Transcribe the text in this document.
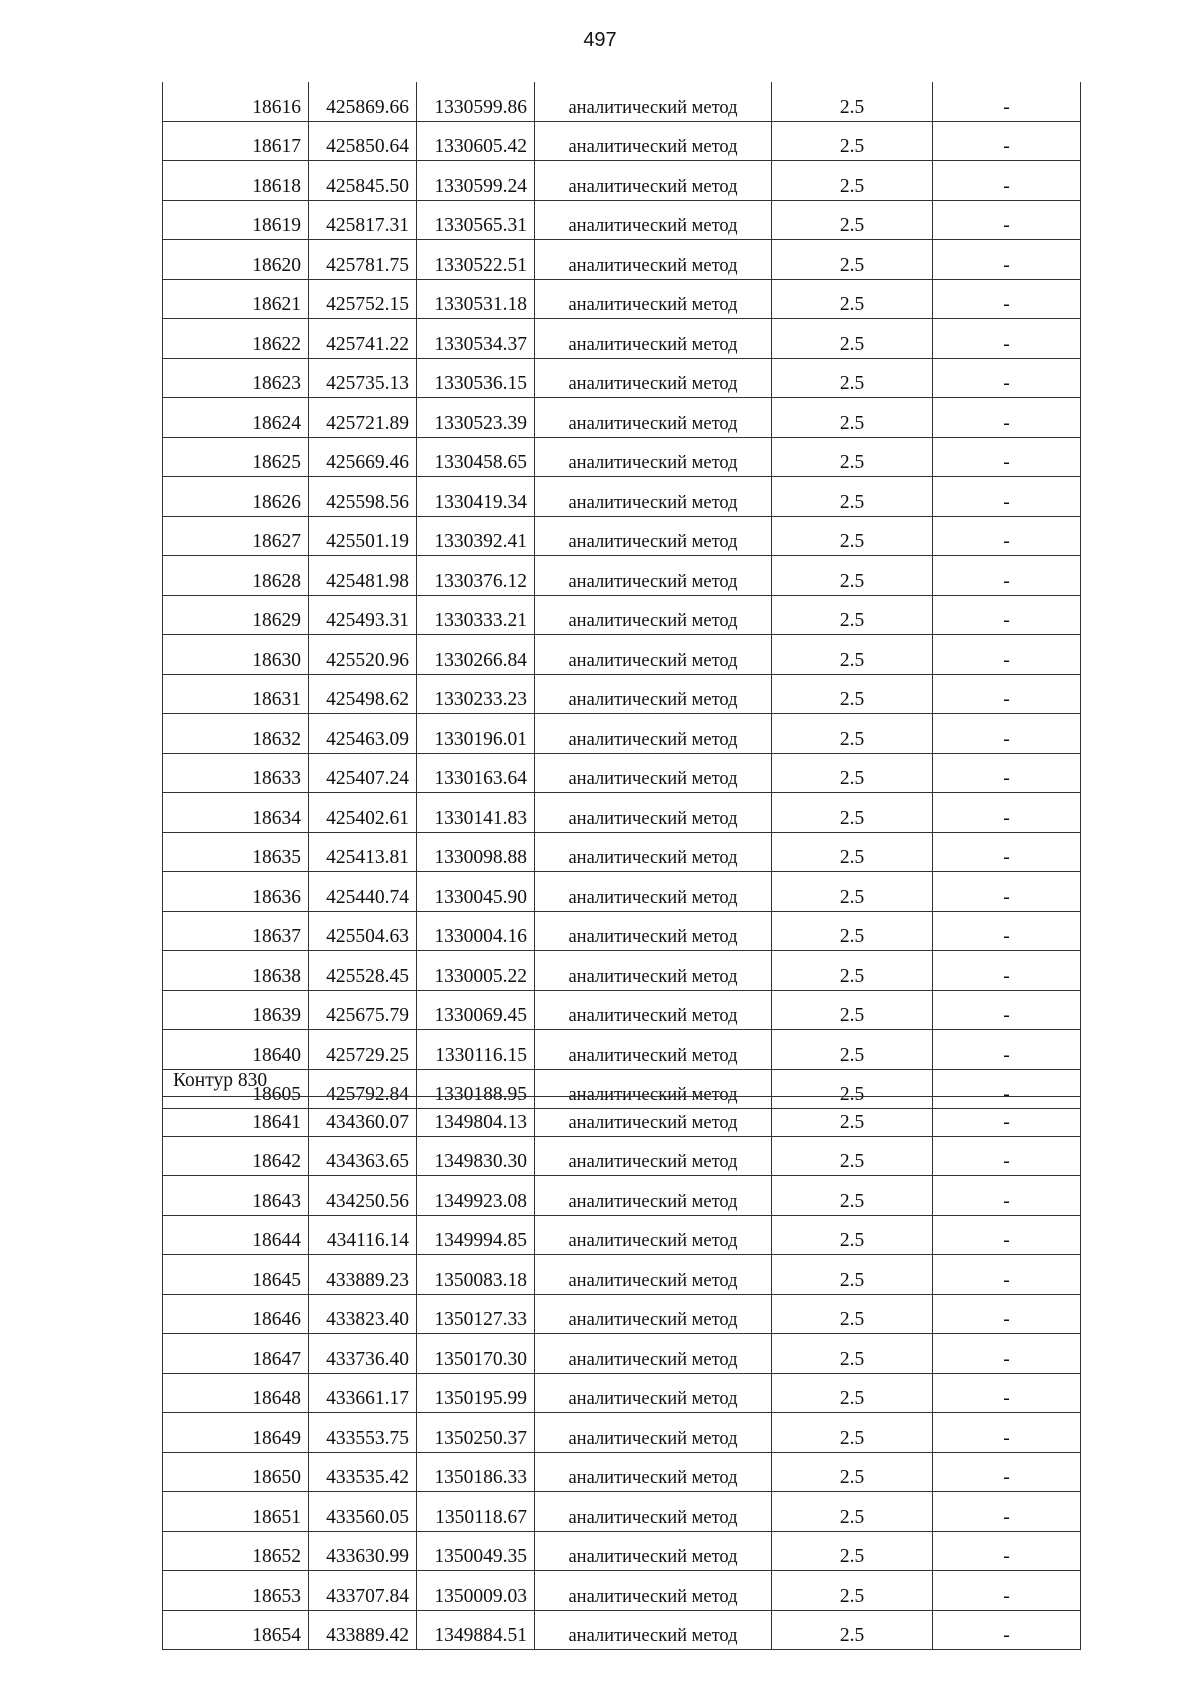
497
18616	425869.66	1330599.86	аналитический метод	2.5	-
18617	425850.64	1330605.42	аналитический метод	2.5	-
18618	425845.50	1330599.24	аналитический метод	2.5	-
18619	425817.31	1330565.31	аналитический метод	2.5	-
18620	425781.75	1330522.51	аналитический метод	2.5	-
18621	425752.15	1330531.18	аналитический метод	2.5	-
18622	425741.22	1330534.37	аналитический метод	2.5	-
18623	425735.13	1330536.15	аналитический метод	2.5	-
18624	425721.89	1330523.39	аналитический метод	2.5	-
18625	425669.46	1330458.65	аналитический метод	2.5	-
18626	425598.56	1330419.34	аналитический метод	2.5	-
18627	425501.19	1330392.41	аналитический метод	2.5	-
18628	425481.98	1330376.12	аналитический метод	2.5	-
18629	425493.31	1330333.21	аналитический метод	2.5	-
18630	425520.96	1330266.84	аналитический метод	2.5	-
18631	425498.62	1330233.23	аналитический метод	2.5	-
18632	425463.09	1330196.01	аналитический метод	2.5	-
18633	425407.24	1330163.64	аналитический метод	2.5	-
18634	425402.61	1330141.83	аналитический метод	2.5	-
18635	425413.81	1330098.88	аналитический метод	2.5	-
18636	425440.74	1330045.90	аналитический метод	2.5	-
18637	425504.63	1330004.16	аналитический метод	2.5	-
18638	425528.45	1330005.22	аналитический метод	2.5	-
18639	425675.79	1330069.45	аналитический метод	2.5	-
18640	425729.25	1330116.15	аналитический метод	2.5	-
18605	425792.84	1330188.95	аналитический метод	2.5	-
Контур 830
18641	434360.07	1349804.13	аналитический метод	2.5	-
18642	434363.65	1349830.30	аналитический метод	2.5	-
18643	434250.56	1349923.08	аналитический метод	2.5	-
18644	434116.14	1349994.85	аналитический метод	2.5	-
18645	433889.23	1350083.18	аналитический метод	2.5	-
18646	433823.40	1350127.33	аналитический метод	2.5	-
18647	433736.40	1350170.30	аналитический метод	2.5	-
18648	433661.17	1350195.99	аналитический метод	2.5	-
18649	433553.75	1350250.37	аналитический метод	2.5	-
18650	433535.42	1350186.33	аналитический метод	2.5	-
18651	433560.05	1350118.67	аналитический метод	2.5	-
18652	433630.99	1350049.35	аналитический метод	2.5	-
18653	433707.84	1350009.03	аналитический метод	2.5	-
18654	433889.42	1349884.51	аналитический метод	2.5	-
